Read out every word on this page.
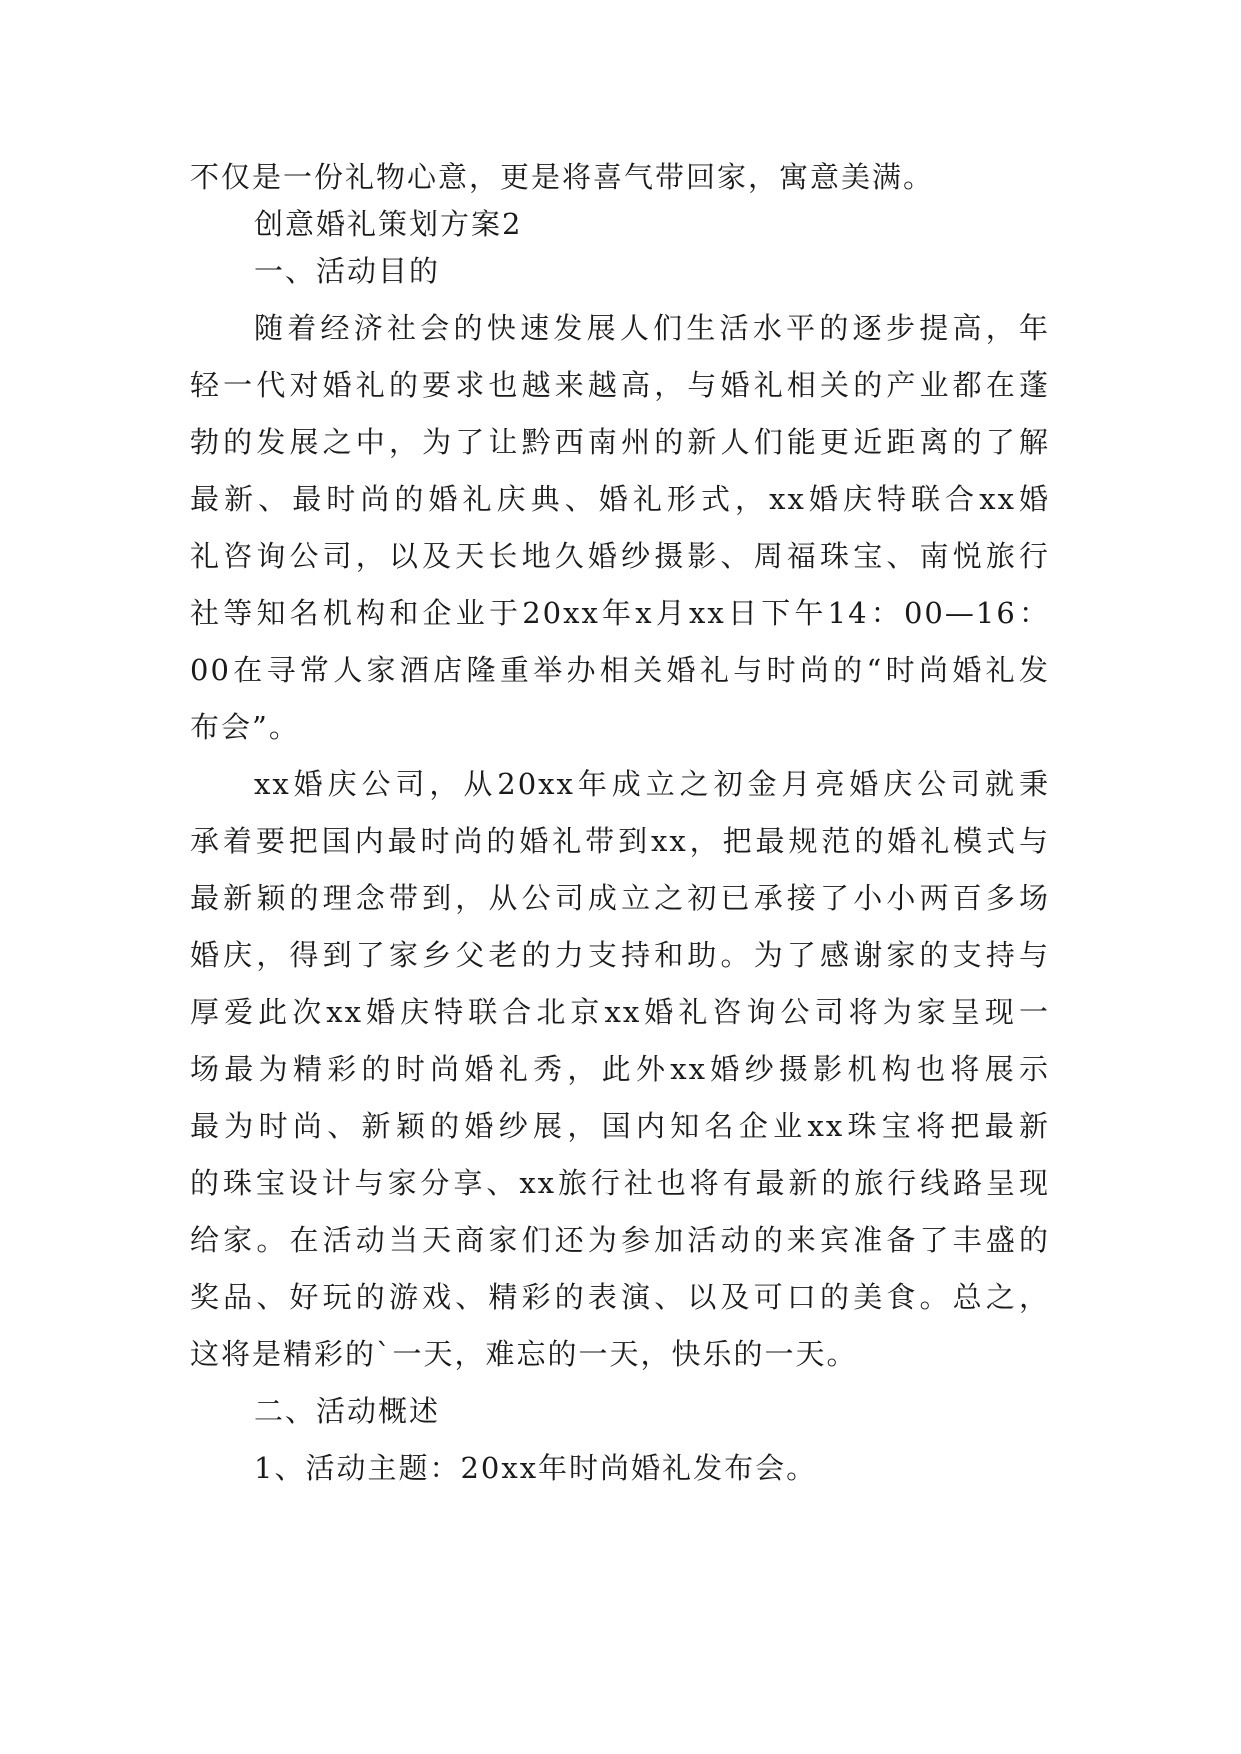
不仅是一份礼物心意，更是将喜气带回家，寓意美满。
创意婚礼策划方案2
一、活动目的
随着经济社会的快速发展人们生活水平的逐步提高，年
轻一代对婚礼的要求也越来越高，与婚礼相关的产业都在蓬
勃的发展之中，为了让黔西南州的新人们能更近距离的了解
最新、最时尚的婚礼庆典、婚礼形式，xx婚庆特联合xx婚
礼咨询公司，以及天长地久婚纱摄影、周福珠宝、南悦旅行
社等知名机构和企业于20xx年x月xx日下午14：00—16：
00在寻常人家酒店隆重举办相关婚礼与时尚的“时尚婚礼发
布会”。
xx婚庆公司，从20xx年成立之初金月亮婚庆公司就秉
承着要把国内最时尚的婚礼带到xx，把最规范的婚礼模式与
最新颖的理念带到，从公司成立之初已承接了小小两百多场
婚庆，得到了家乡父老的力支持和助。为了感谢家的支持与
厚爱此次xx婚庆特联合北京xx婚礼咨询公司将为家呈现一
场最为精彩的时尚婚礼秀，此外xx婚纱摄影机构也将展示
最为时尚、新颖的婚纱展，国内知名企业xx珠宝将把最新
的珠宝设计与家分享、xx旅行社也将有最新的旅行线路呈现
给家。在活动当天商家们还为参加活动的来宾准备了丰盛的
奖品、好玩的游戏、精彩的表演、以及可口的美食。总之，
这将是精彩的`一天，难忘的一天，快乐的一天。
二、活动概述
1、活动主题：20xx年时尚婚礼发布会。
